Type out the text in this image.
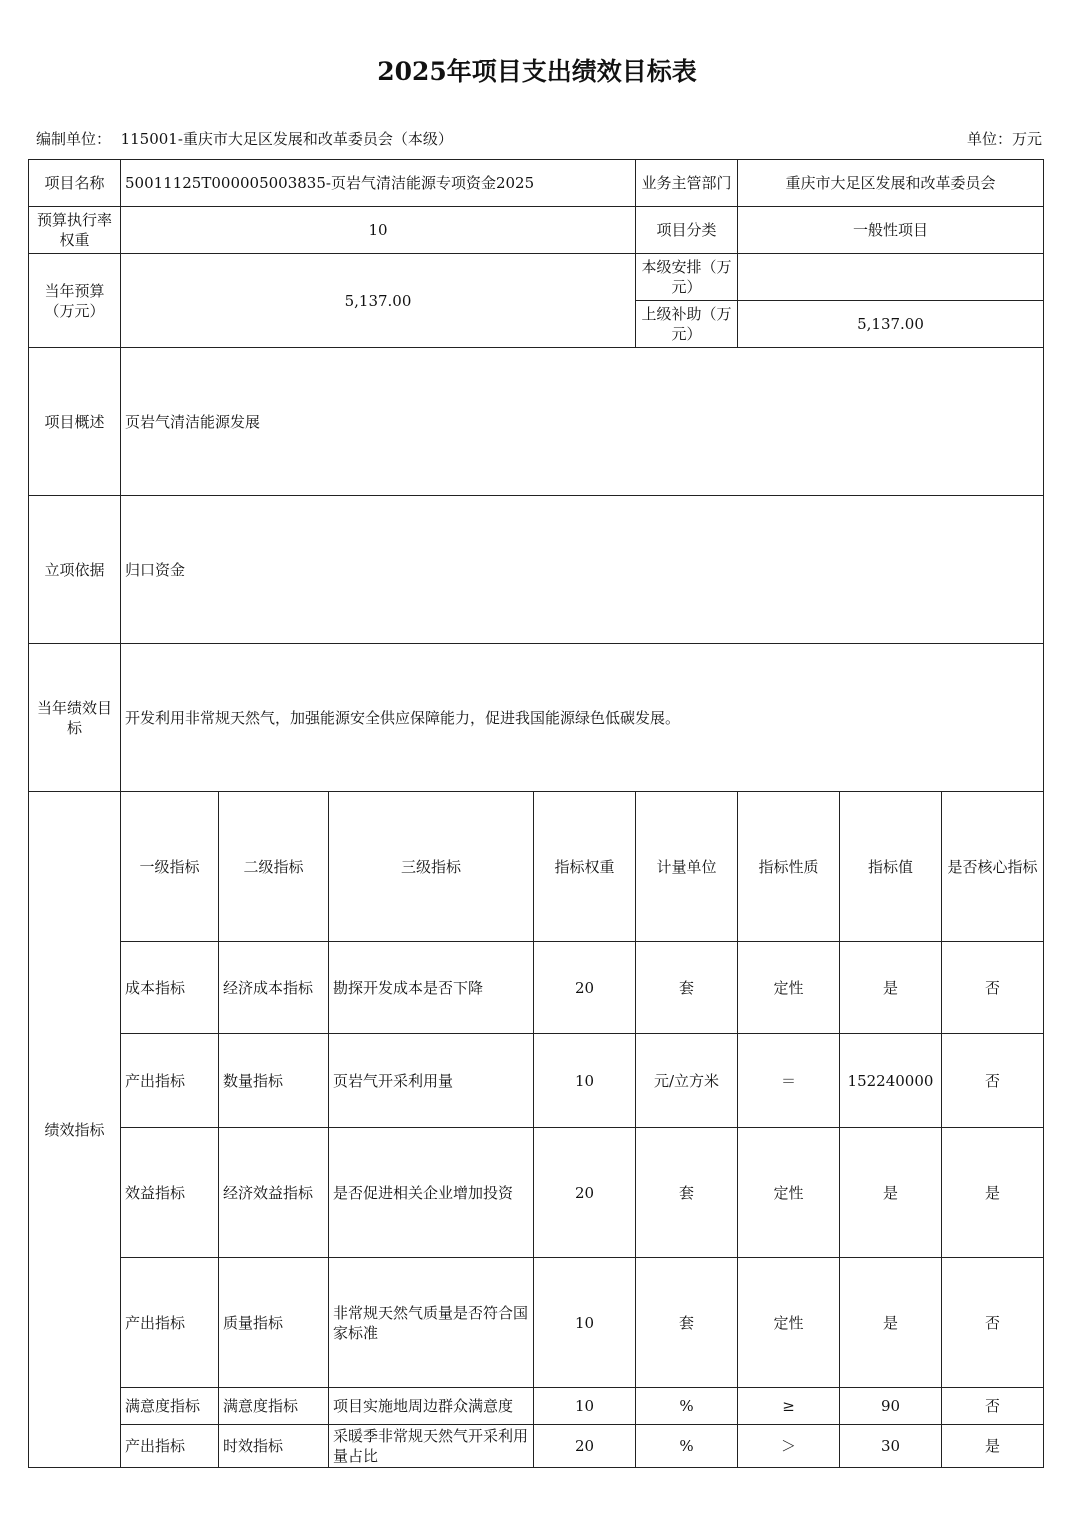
2025年项目支出绩效目标表
编制单位： 115001-重庆市大足区发展和改革委员会（本级）	单位：万元
项目名称	50011125T000005003835-页岩气清洁能源专项资金2025				业务主管部门	重庆市大足区发展和改革委员会		
预算执行率权重	10				项目分类	一般性项目		
当年预算（万元）	5,137.00				本级安排（万元）			
					上级补助（万元）	5,137.00		
项目概述	页岩气清洁能源发展							
立项依据	归口资金							
当年绩效目标	开发利用非常规天然气，加强能源安全供应保障能力，促进我国能源绿色低碳发展。							
绩效指标	一级指标	二级指标	三级指标	指标权重	计量单位	指标性质	指标值	是否核心指标
	成本指标	经济成本指标	勘探开发成本是否下降	20	套	定性	是	否
	产出指标	数量指标	页岩气开采利用量	10	元/立方米	＝	152240000	否
	效益指标	经济效益指标	是否促进相关企业增加投资	20	套	定性	是	是
	产出指标	质量指标	非常规天然气质量是否符合国家标准	10	套	定性	是	否
	满意度指标	满意度指标	项目实施地周边群众满意度	10	%	≥	90	否
	产出指标	时效指标	采暖季非常规天然气开采利用量占比	20	%	＞	30	是
